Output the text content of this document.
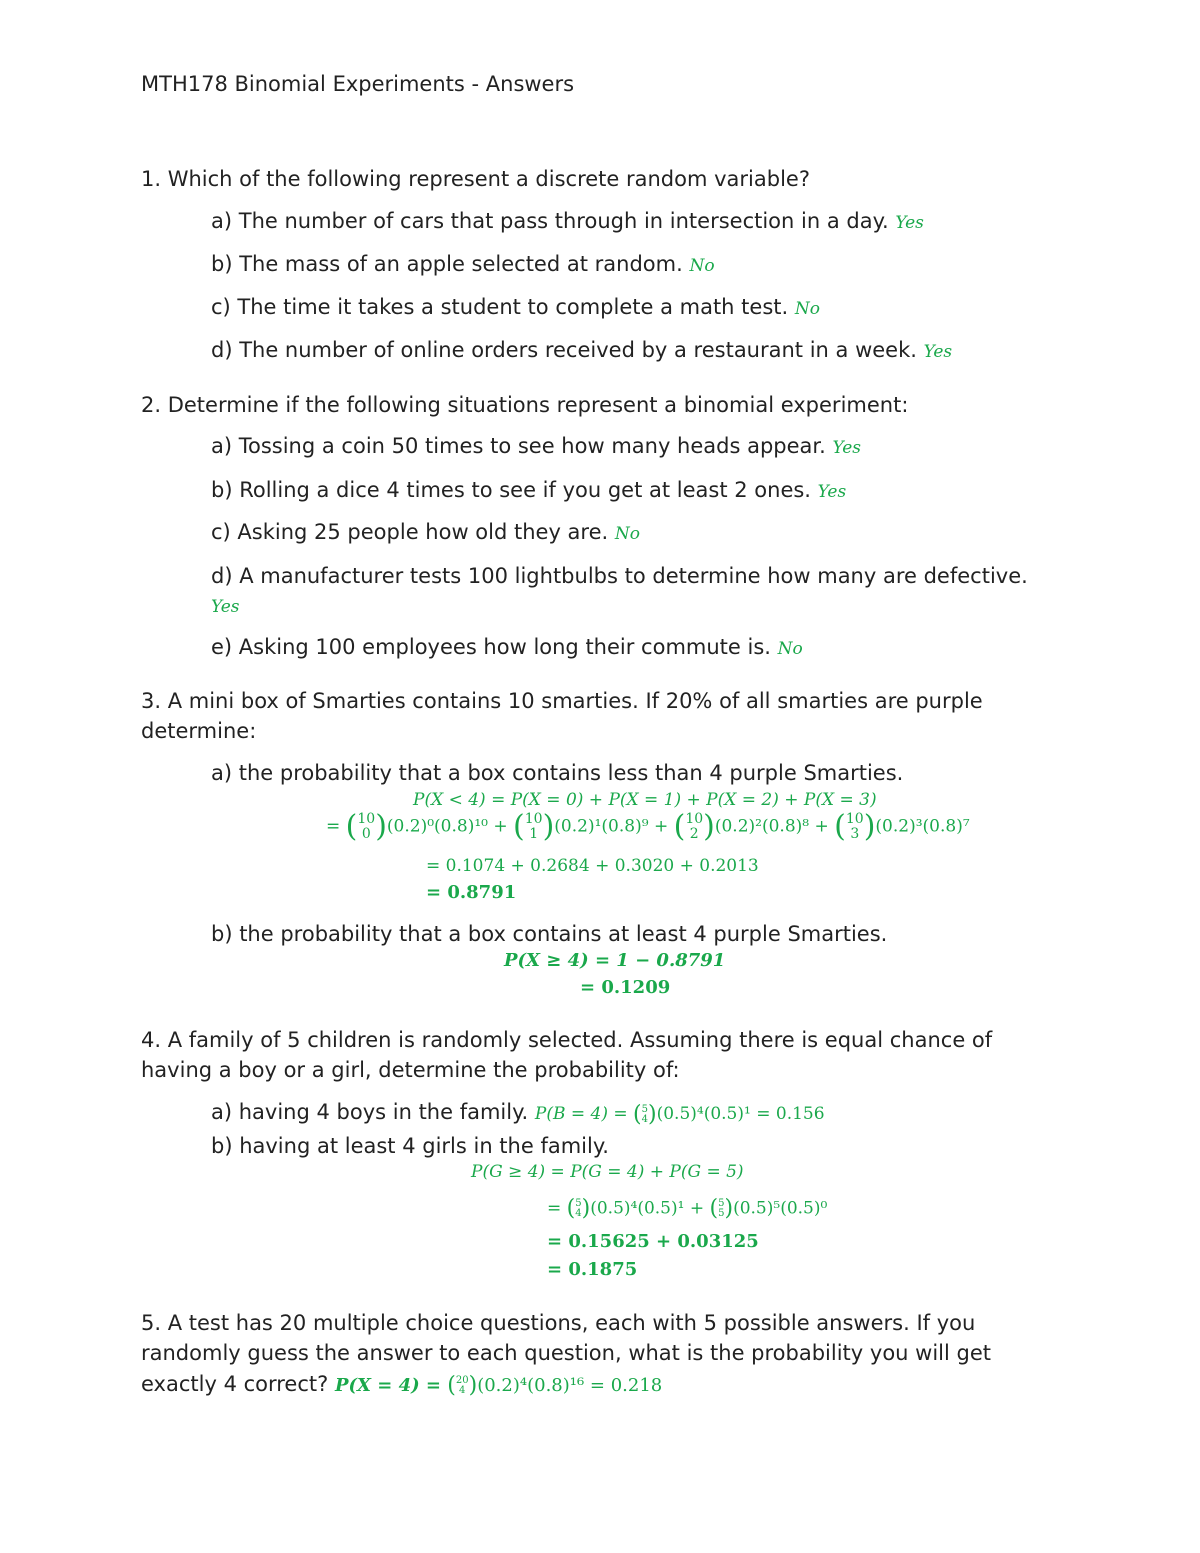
MTH178 Binomial Experiments - Answers
1. Which of the following represent a discrete random variable?
a) The number of cars that pass through in intersection in a day. Yes
b) The mass of an apple selected at random. No
c) The time it takes a student to complete a math test. No
d) The number of online orders received by a restaurant in a week. Yes
2. Determine if the following situations represent a binomial experiment:
a) Tossing a coin 50 times to see how many heads appear. Yes
b) Rolling a dice 4 times to see if you get at least 2 ones. Yes
c) Asking 25 people how old they are. No
d) A manufacturer tests 100 lightbulbs to determine how many are defective.
Yes
e) Asking 100 employees how long their commute is. No
3. A mini box of Smarties contains 10 smarties. If 20% of all smarties are purple
determine:
a) the probability that a box contains less than 4 purple Smarties.
P(X < 4) = P(X = 0) + P(X = 1) + P(X = 2) + P(X = 3)
= ( 10
0 ) (0.2)⁰(0.8)¹⁰ + ( 10
1 ) (0.2)¹(0.8)⁹ + ( 10
2 ) (0.2)²(0.8)⁸ + ( 10
3 ) (0.2)³(0.8)⁷
= 0.1074 + 0.2684 + 0.3020 + 0.2013
= 0.8791
b) the probability that a box contains at least 4 purple Smarties.
P(X ≥ 4) = 1 − 0.8791
= 0.1209
4. A family of 5 children is randomly selected. Assuming there is equal chance of
having a boy or a girl, determine the probability of:
a) having 4 boys in the family. P(B = 4) = ( 5
4 ) (0.5)⁴(0.5)¹ = 0.156
b) having at least 4 girls in the family.
P(G ≥ 4) = P(G = 4) + P(G = 5)
= ( 5
4 ) (0.5)⁴(0.5)¹ + ( 5
5 ) (0.5)⁵(0.5)⁰
= 0.15625 + 0.03125
= 0.1875
5. A test has 20 multiple choice questions, each with 5 possible answers. If you
randomly guess the answer to each question, what is the probability you will get
exactly 4 correct? P(X = 4) = ( 20
4 ) (0.2)⁴(0.8)¹⁶ = 0.218
